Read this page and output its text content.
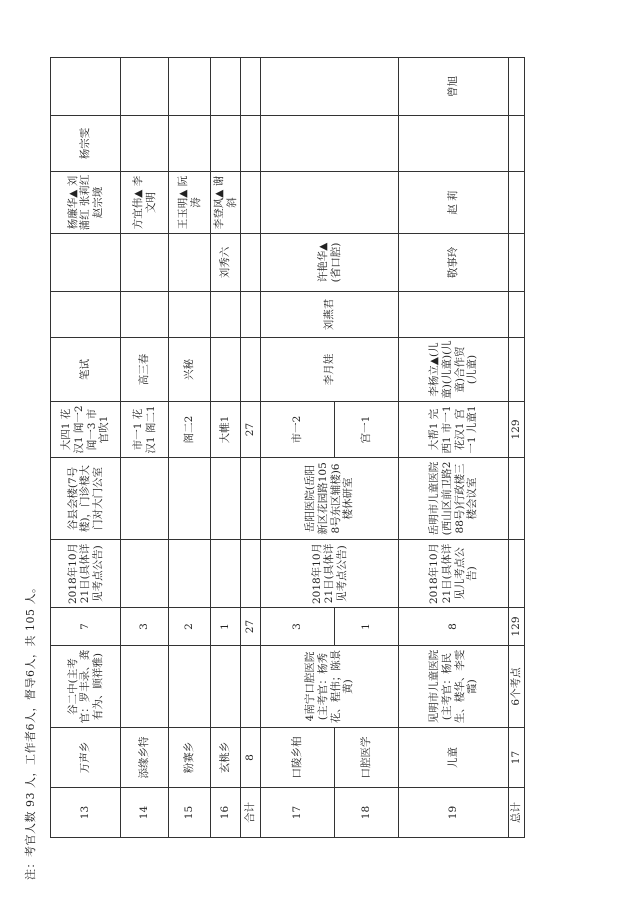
13	万声乡	谷二中(主考官：罗丰录、龚有为、顾祥雅)	7	2018年10月21日(具体详见考点公告)	谷县会楼(7号楼)，门诊楼大门对大门公室	大四1 花汉1 闻一2 闻一3 市官吹1	笔试			杨廉华▲ 刘蒲红 张莉红 赵宗境	杨宗雯	
14	添缘乡特		3			市一1 花汉1 阁二1	高三春			方宜伟▲ 李文明		
15	粉赛乡		2			阁二2	兴秘			王玉明▲ 阮 涛		
16	玄桃乡		1			大帷1			刘秀六	李登风▲ 谢 斜		
合计	8		27			27						
17	口陵乡柏	4南宁口腔医院(主考官：杨秀花、程伟；陈景黄)	3	2018年10月21日(具体详见考点公告)	岳阳医院(岳阳新区花园路1058号东区辅楼)6楼休研室	市一2	李月娃	刘燕君	许艳华▲(省口腔)			
18	口腔医学		1			宫一1						
19	儿童	见明市儿童医院(主考官：杨民生、楼华、李雯霞)	8	2018年10月21日(具体详见儿考点公告)	岳明市儿童医院(西山区前卫路288号)行政楼三楼会议室	大帮1 完西1 市一1 花汉1 宫一1 儿童1	李杨立▲(儿童)(儿童)(儿童)合作贸(儿童)		敬事玲	赵 莉		曾旭
总计	17	6个考点	129			129						
注：考官人数 93 人，工作者6人，督导6人，共 105 人。
